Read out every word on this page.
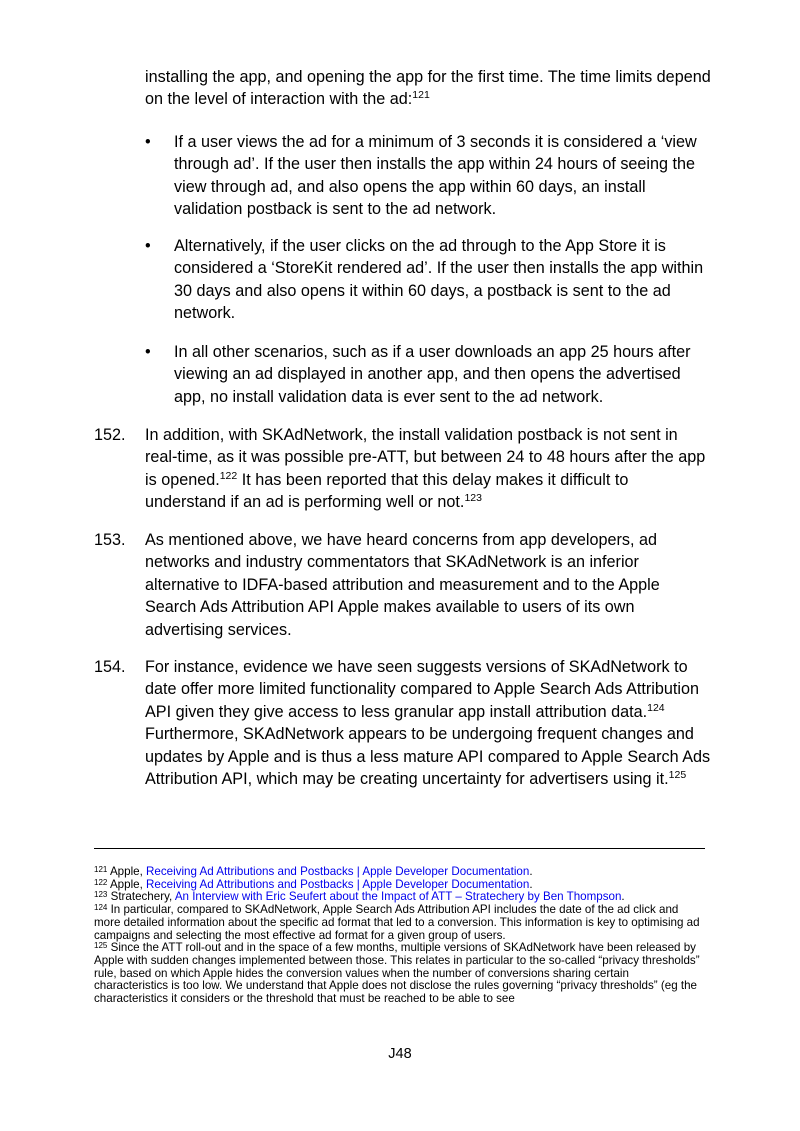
installing the app, and opening the app for the first time. The time limits depend on the level of interaction with the ad:$^{121}$
•	If a user views the ad for a minimum of 3 seconds it is considered a ‘view through ad’. If the user then installs the app within 24 hours of seeing the view through ad, and also opens the app within 60 days, an install validation postback is sent to the ad network.
•	Alternatively, if the user clicks on the ad through to the App Store it is considered a ‘StoreKit rendered ad’. If the user then installs the app within 30 days and also opens it within 60 days, a postback is sent to the ad network.
•	In all other scenarios, such as if a user downloads an app 25 hours after viewing an ad displayed in another app, and then opens the advertised app, no install validation data is ever sent to the ad network.
152.	In addition, with SKAdNetwork, the install validation postback is not sent in real-time, as it was possible pre-ATT, but between 24 to 48 hours after the app is opened.$^{122}$ It has been reported that this delay makes it difficult to understand if an ad is performing well or not.$^{123}$
153.	As mentioned above, we have heard concerns from app developers, ad networks and industry commentators that SKAdNetwork is an inferior alternative to IDFA-based attribution and measurement and to the Apple Search Ads Attribution API Apple makes available to users of its own advertising services.
154.	For instance, evidence we have seen suggests versions of SKAdNetwork to date offer more limited functionality compared to Apple Search Ads Attribution API given they give access to less granular app install attribution data.$^{124}$ Furthermore, SKAdNetwork appears to be undergoing frequent changes and updates by Apple and is thus a less mature API compared to Apple Search Ads Attribution API, which may be creating uncertainty for advertisers using it.$^{125}$

$^{121}$ Apple, Receiving Ad Attributions and Postbacks | Apple Developer Documentation.

$^{122}$ Apple, Receiving Ad Attributions and Postbacks | Apple Developer Documentation.

$^{123}$ Stratechery, An Interview with Eric Seufert about the Impact of ATT – Stratechery by Ben Thompson.

$^{124}$ In particular, compared to SKAdNetwork, Apple Search Ads Attribution API includes the date of the ad click and more detailed information about the specific ad format that led to a conversion. This information is key to optimising ad campaigns and selecting the most effective ad format for a given group of users.

$^{125}$ Since the ATT roll-out and in the space of a few months, multiple versions of SKAdNetwork have been released by Apple with sudden changes implemented between those. This relates in particular to the so-called “privacy thresholds” rule, based on which Apple hides the conversion values when the number of conversions sharing certain characteristics is too low. We understand that Apple does not disclose the rules governing “privacy thresholds” (eg the characteristics it considers or the threshold that must be reached to be able to see

J48
